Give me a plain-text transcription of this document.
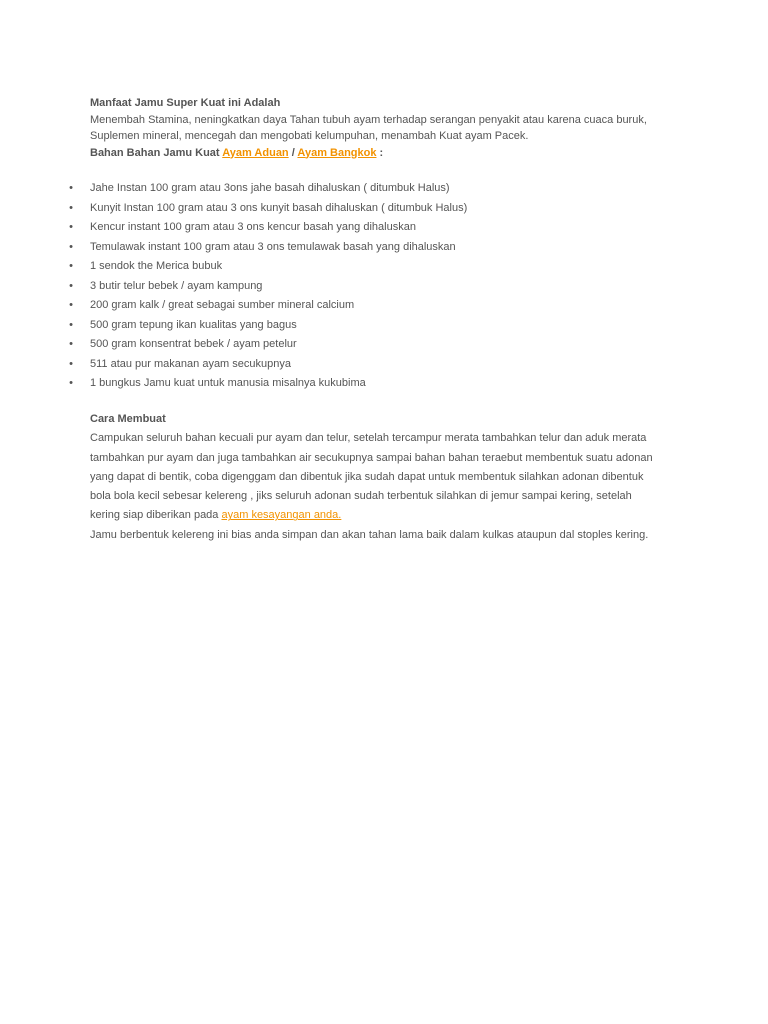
Manfaat Jamu Super Kuat ini Adalah

Menembah Stamina, neningkatkan daya Tahan tubuh ayam terhadap serangan penyakit atau karena cuaca buruk,

Suplemen mineral, mencegah dan mengobati kelumpuhan, menambah Kuat ayam Pacek.

Bahan Bahan Jamu Kuat Ayam Aduan / Ayam Bangkok :

• Jahe Instan 100 gram atau 3ons jahe basah dihaluskan ( ditumbuk Halus)
• Kunyit Instan 100 gram atau 3 ons kunyit basah dihaluskan ( ditumbuk Halus)
• Kencur instant 100 gram atau 3 ons kencur basah yang dihaluskan
• Temulawak instant 100 gram atau 3 ons temulawak basah yang dihaluskan
• 1 sendok the Merica bubuk
• 3 butir telur bebek / ayam kampung
• 200 gram kalk / great sebagai sumber mineral calcium
• 500 gram tepung ikan kualitas yang bagus
• 500 gram konsentrat bebek / ayam petelur
• 511 atau pur makanan ayam secukupnya
• 1 bungkus Jamu kuat untuk manusia misalnya kukubima

Cara Membuat

Campukan seluruh bahan kecuali pur ayam dan telur, setelah tercampur merata tambahkan telur dan aduk merata

tambahkan pur ayam dan juga tambahkan air secukupnya sampai bahan bahan teraebut membentuk suatu adonan

yang dapat di bentik, coba digenggam dan dibentuk jika sudah dapat untuk membentuk silahkan adonan dibentuk

bola bola kecil sebesar kelereng , jiks seluruh adonan sudah terbentuk silahkan di jemur sampai kering, setelah

kering siap diberikan pada ayam kesayangan anda.

Jamu berbentuk kelereng ini bias anda simpan dan akan tahan lama baik dalam kulkas ataupun dal stoples kering.
